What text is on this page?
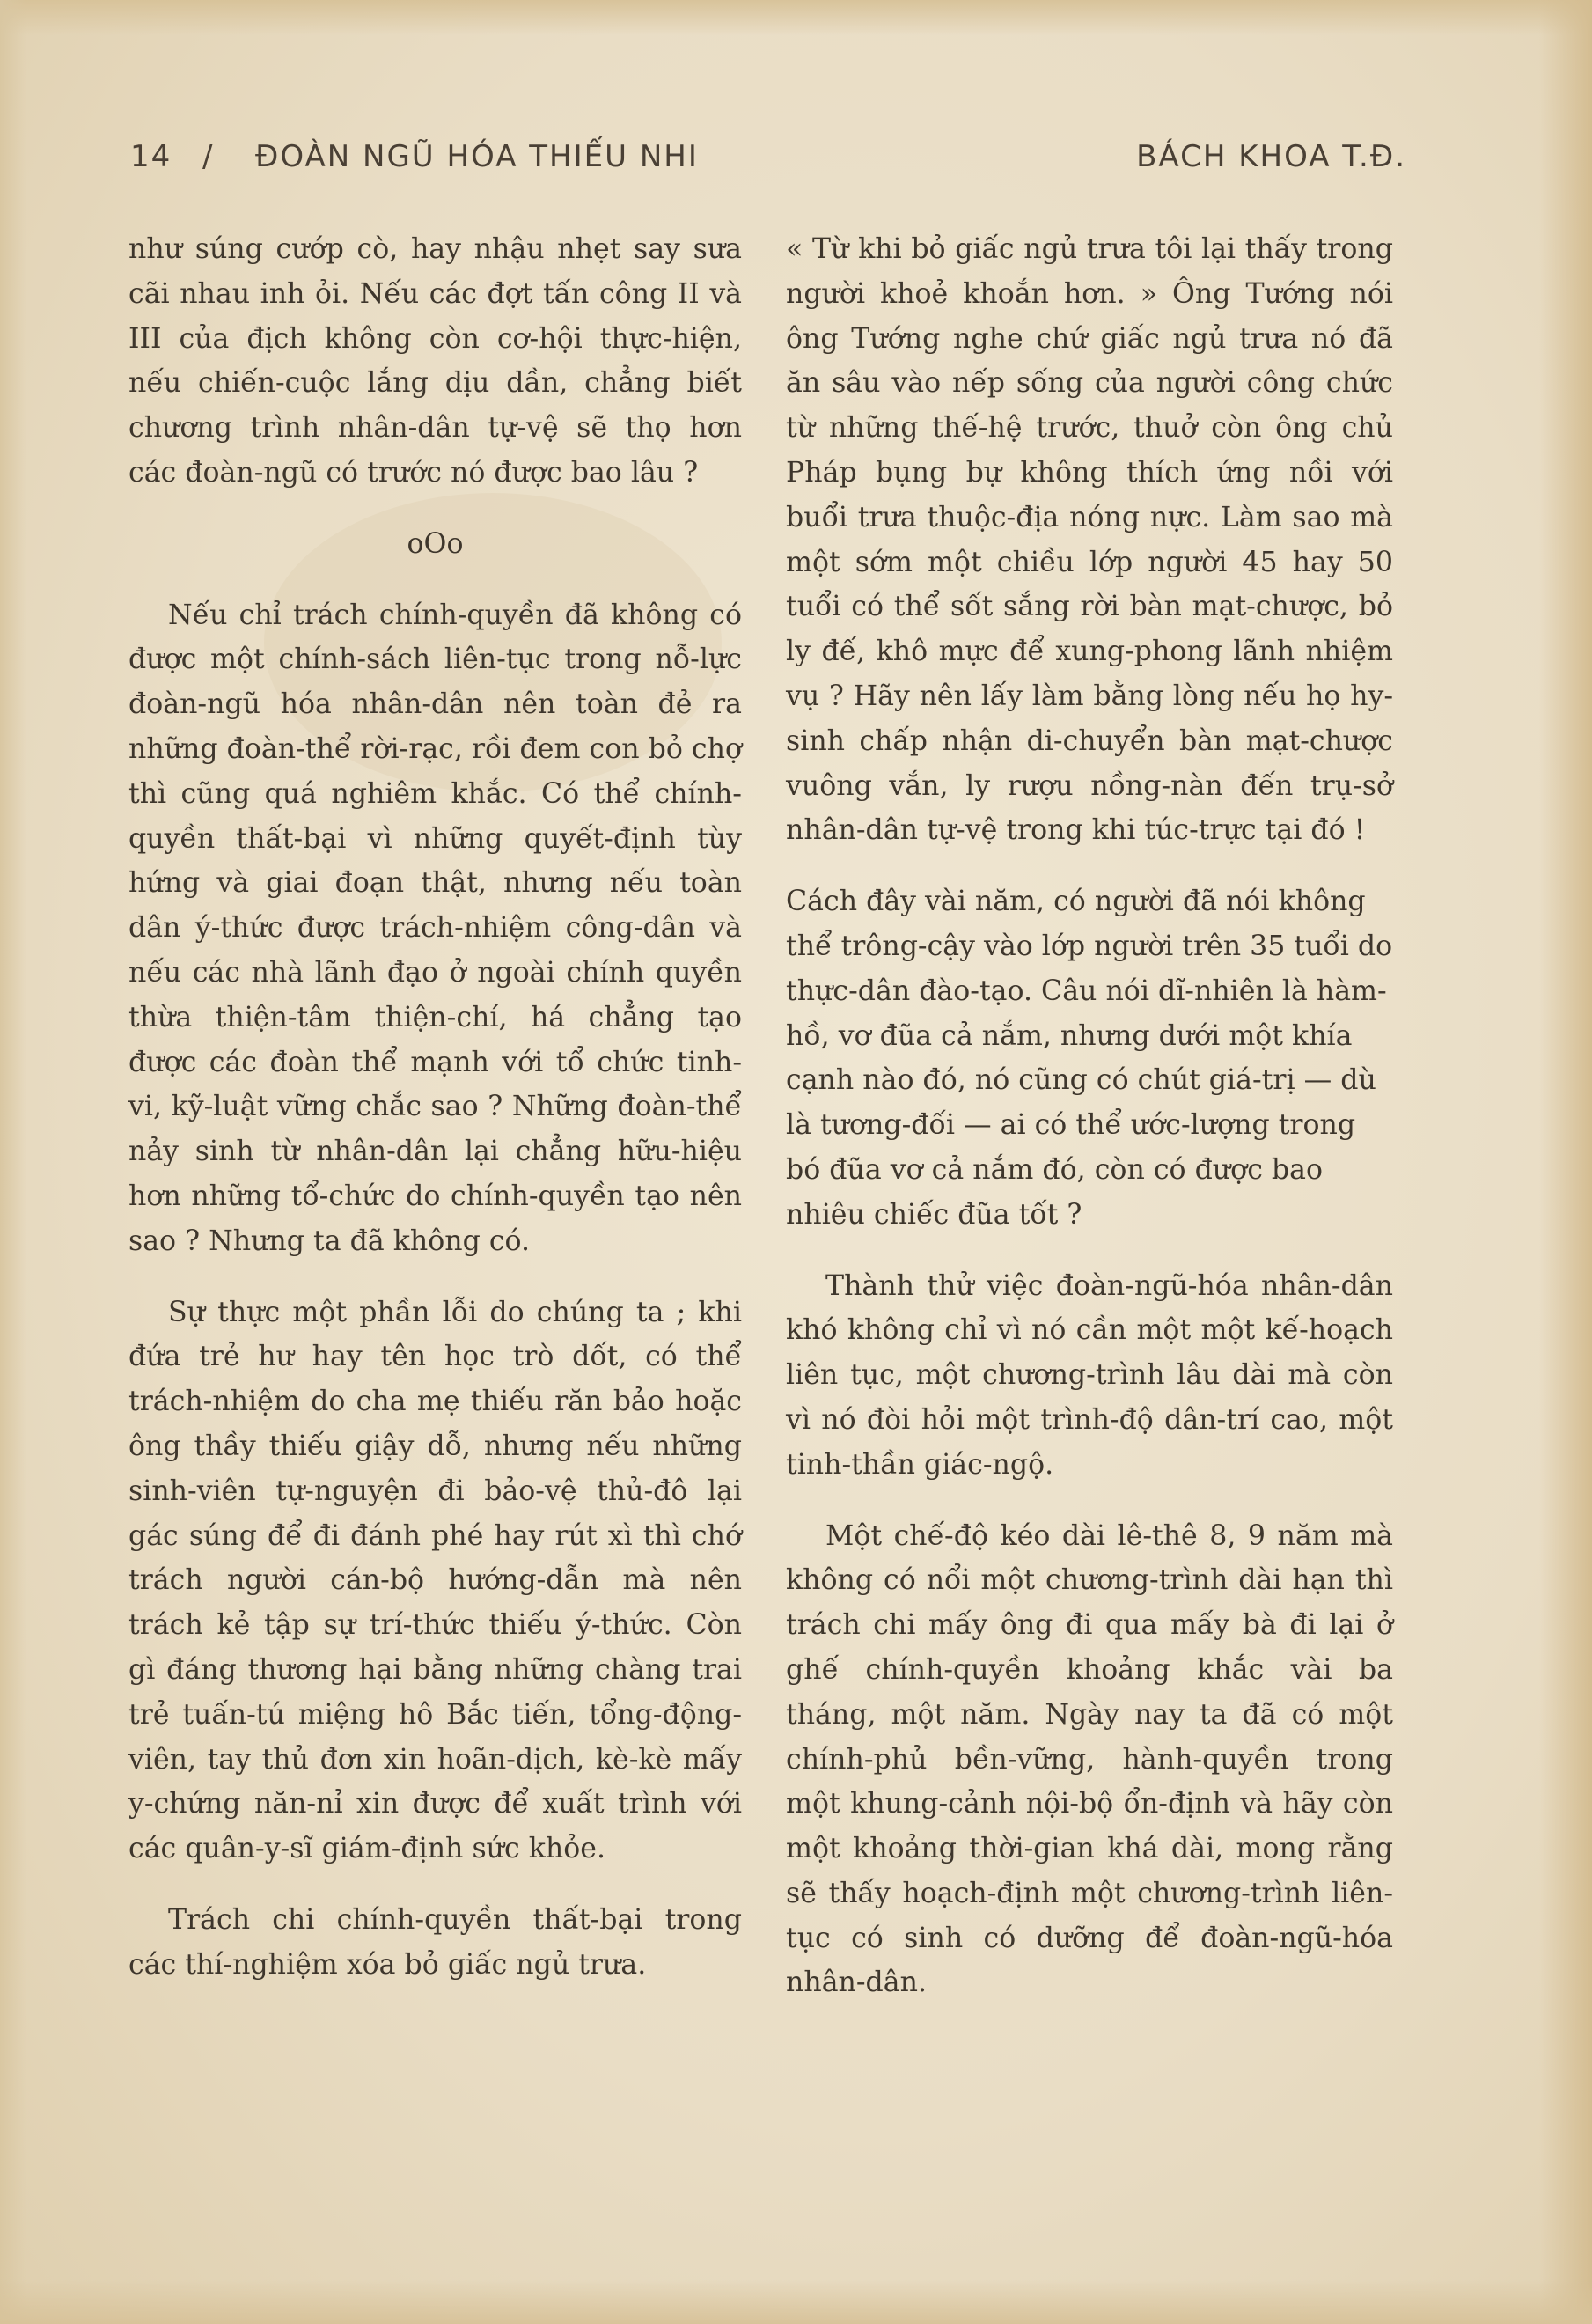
14 / ĐOÀN NGŨ HÓA THIẾU NHI	BÁCH KHOA T.Đ.

như súng cướp cò, hay nhậu nhẹt say sưa cãi nhau inh ỏi. Nếu các đợt tấn công II và III của địch không còn cơ-hội thực-hiện, nếu chiến-cuộc lắng dịu dần, chẳng biết chương trình nhân-dân tự-vệ sẽ thọ hơn các đoàn-ngũ có trước nó được bao lâu ?

oOo

Nếu chỉ trách chính-quyền đã không có được một chính-sách liên-tục trong nỗ-lực đoàn-ngũ hóa nhân-dân nên toàn đẻ ra những đoàn-thể rời-rạc, rồi đem con bỏ chợ thì cũng quá nghiêm khắc. Có thể chính-quyền thất-bại vì những quyết-định tùy hứng và giai đoạn thật, nhưng nếu toàn dân ý-thức được trách-nhiệm công-dân và nếu các nhà lãnh đạo ở ngoài chính quyền thừa thiện-tâm thiện-chí, há chẳng tạo được các đoàn thể mạnh với tổ chức tinh-vi, kỹ-luật vững chắc sao ? Những đoàn-thể nảy sinh từ nhân-dân lại chẳng hữu-hiệu hơn những tổ-chức do chính-quyền tạo nên sao ? Nhưng ta đã không có.

Sự thực một phần lỗi do chúng ta ; khi đứa trẻ hư hay tên học trò dốt, có thể trách-nhiệm do cha mẹ thiếu răn bảo hoặc ông thầy thiếu giậy dỗ, nhưng nếu những sinh-viên tự-nguyện đi bảo-vệ thủ-đô lại gác súng để đi đánh phé hay rút xì thì chớ trách người cán-bộ hướng-dẫn mà nên trách kẻ tập sự trí-thức thiếu ý-thức. Còn gì đáng thương hại bằng những chàng trai trẻ tuấn-tú miệng hô Bắc tiến, tổng-động-viên, tay thủ đơn xin hoãn-dịch, kè-kè mấy y-chứng năn-nỉ xin được để xuất trình với các quân-y-sĩ giám-định sức khỏe.

Trách chi chính-quyền thất-bại trong các thí-nghiệm xóa bỏ giấc ngủ trưa.

« Từ khi bỏ giấc ngủ trưa tôi lại thấy trong người khoẻ khoắn hơn. » Ông Tướng nói ông Tướng nghe chứ giấc ngủ trưa nó đã ăn sâu vào nếp sống của người công chức từ những thế-hệ trước, thuở còn ông chủ Pháp bụng bự không thích ứng nồi với buổi trưa thuộc-địa nóng nực. Làm sao mà một sớm một chiều lớp người 45 hay 50 tuổi có thể sốt sắng rời bàn mạt-chược, bỏ ly đế, khô mực để xung-phong lãnh nhiệm vụ ? Hãy nên lấy làm bằng lòng nếu họ hy-sinh chấp nhận di-chuyển bàn mạt-chược vuông vắn, ly rượu nồng-nàn đến trụ-sở nhân-dân tự-vệ trong khi túc-trực tại đó !

Cách đây vài năm, có người đã nói không thể trông-cậy vào lớp người trên 35 tuổi do thực-dân đào-tạo. Câu nói dĩ-nhiên là hàm-hồ, vơ đũa cả nắm, nhưng dưới một khía cạnh nào đó, nó cũng có chút giá-trị — dù là tương-đối — ai có thể ước-lượng trong bó đũa vơ cả nắm đó, còn có được bao nhiêu chiếc đũa tốt ?

Thành thử việc đoàn-ngũ-hóa nhân-dân khó không chỉ vì nó cần một một kế-hoạch liên tục, một chương-trình lâu dài mà còn vì nó đòi hỏi một trình-độ dân-trí cao, một tinh-thần giác-ngộ.

Một chế-độ kéo dài lê-thê 8, 9 năm mà không có nổi một chương-trình dài hạn thì trách chi mấy ông đi qua mấy bà đi lại ở ghế chính-quyền khoảng khắc vài ba tháng, một năm. Ngày nay ta đã có một chính-phủ bền-vững, hành-quyền trong một khung-cảnh nội-bộ ổn-định và hãy còn một khoảng thời-gian khá dài, mong rằng sẽ thấy hoạch-định một chương-trình liên-tục có sinh có dưỡng để đoàn-ngũ-hóa nhân-dân.
